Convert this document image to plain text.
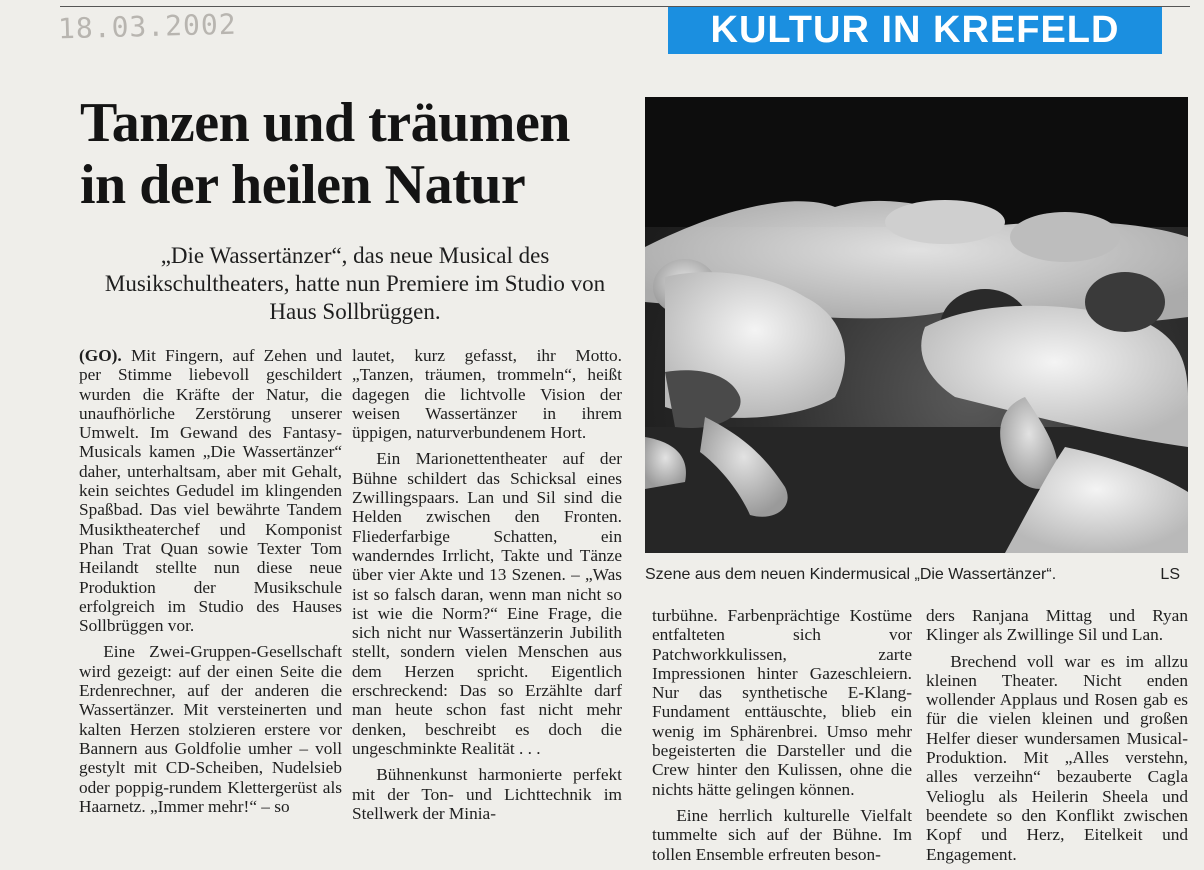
18.03.2002	KULTUR IN KREFELD
Tanzen und träumen
in der heilen Natur

„Die Wassertänzer“, das neue Musical des Musikschultheaters, hatte nun Premiere im Studio von Haus Sollbrüggen.

Szene aus dem neuen Kindermusical „Die Wassertänzer“.	LS

(GO). Mit Fingern, auf Zehen und per Stimme liebevoll geschildert wurden die Kräfte der Natur, die unaufhörliche Zerstörung unserer Umwelt. Im Gewand des Fantasy-Musicals kamen „Die Wassertänzer“ daher, unterhaltsam, aber mit Gehalt, kein seichtes Gedudel im klingenden Spaßbad. Das viel bewährte Tandem Musiktheaterchef und Komponist Phan Trat Quan sowie Texter Tom Heilandt stellte nun diese neue Produktion der Musikschule erfolgreich im Studio des Hauses Sollbrüggen vor.

Eine Zwei-Gruppen-Gesellschaft wird gezeigt: auf der einen Seite die Erdenrechner, auf der anderen die Wassertänzer. Mit versteinerten und kalten Herzen stolzieren erstere vor Bannern aus Goldfolie umher – voll gestylt mit CD-Scheiben, Nudelsieb oder poppig-rundem Klettergerüst als Haarnetz. „Immer mehr!“ – so

lautet, kurz gefasst, ihr Motto. „Tanzen, träumen, trommeln“, heißt dagegen die lichtvolle Vision der weisen Wassertänzer in ihrem üppigen, naturverbundenem Hort.

Ein Marionettentheater auf der Bühne schildert das Schicksal eines Zwillingspaars. Lan und Sil sind die Helden zwischen den Fronten. Fliederfarbige Schatten, ein wanderndes Irrlicht, Takte und Tänze über vier Akte und 13 Szenen. – „Was ist so falsch daran, wenn man nicht so ist wie die Norm?“ Eine Frage, die sich nicht nur Wassertänzerin Jubilith stellt, sondern vielen Menschen aus dem Herzen spricht. Eigentlich erschreckend: Das so Erzählte darf man heute schon fast nicht mehr denken, beschreibt es doch die ungeschminkte Realität . . .

Bühnenkunst harmonierte perfekt mit der Ton- und Lichttechnik im Stellwerk der Minia-

turbühne. Farbenprächtige Kostüme entfalteten sich vor Patchworkkulissen, zarte Impressionen hinter Gazeschleiern. Nur das synthetische E-Klang-Fundament enttäuschte, blieb ein wenig im Sphärenbrei. Umso mehr begeisterten die Darsteller und die Crew hinter den Kulissen, ohne die nichts hätte gelingen können.

Eine herrlich kulturelle Vielfalt tummelte sich auf der Bühne. Im tollen Ensemble erfreuten beson-

ders Ranjana Mittag und Ryan Klinger als Zwillinge Sil und Lan.

Brechend voll war es im allzu kleinen Theater. Nicht enden wollender Applaus und Rosen gab es für die vielen kleinen und großen Helfer dieser wundersamen Musical-Produktion. Mit „Alles verstehn, alles verzeihn“ bezauberte Cagla Velioglu als Heilerin Sheela und beendete so den Konflikt zwischen Kopf und Herz, Eitelkeit und Engagement.
